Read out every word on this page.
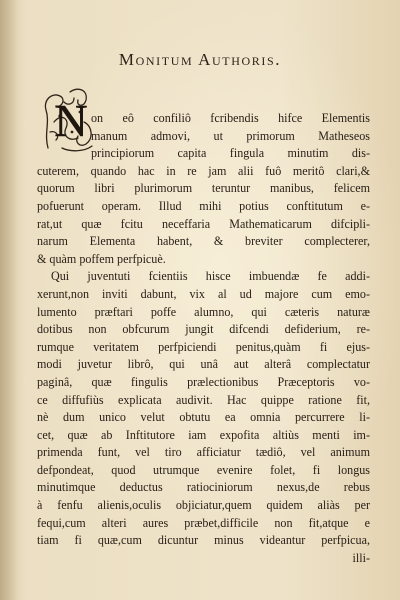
Monitum Authoris.
N on eô confiliô fcribendis hifce Elementis
manum admovi, ut primorum Matheseos
principiorum capita fingula minutim dis-
cuterem, quando hac in re jam alii fuô meritô clari,&
quorum libri plurimorum teruntur manibus, felicem
pofuerunt operam. Illud mihi potius conftitutum e-
rat,ut quæ fcitu neceffaria Mathematicarum difcipli-
narum Elementa habent, & breviter complecterer,
& quàm poffem perfpicuè.
Qui juventuti fcientiis hisce imbuendæ fe addi-
xerunt,non inviti dabunt, vix al ud majore cum emo-
lumento præftari poffe alumno, qui cæteris naturæ
dotibus non obfcurum jungit difcendi defiderium, re-
rumque veritatem perfpiciendi penitus,quàm fi ejus-
modi juvetur librô, qui unâ aut alterâ complectatur
paginâ, quæ fingulis prælectionibus Præceptoris vo-
ce diffufiùs explicata audivit. Hac quippe ratione fit,
nè dum unico velut obtutu ea omnia percurrere li-
cet, quæ ab Inftitutore iam expofita altiùs menti im-
primenda funt, vel tiro afficiatur tædiô, vel animum
defpondeat, quod utrumque evenire folet, fi longus
minutimque deductus ratiociniorum nexus,de rebus
à fenfu alienis,oculis objiciatur,quem quidem aliàs per
fequi,cum alteri aures præbet,difficile non fit,atque e
tiam fi quæ,cum dicuntur minus videantur perfpicua,
illi-
